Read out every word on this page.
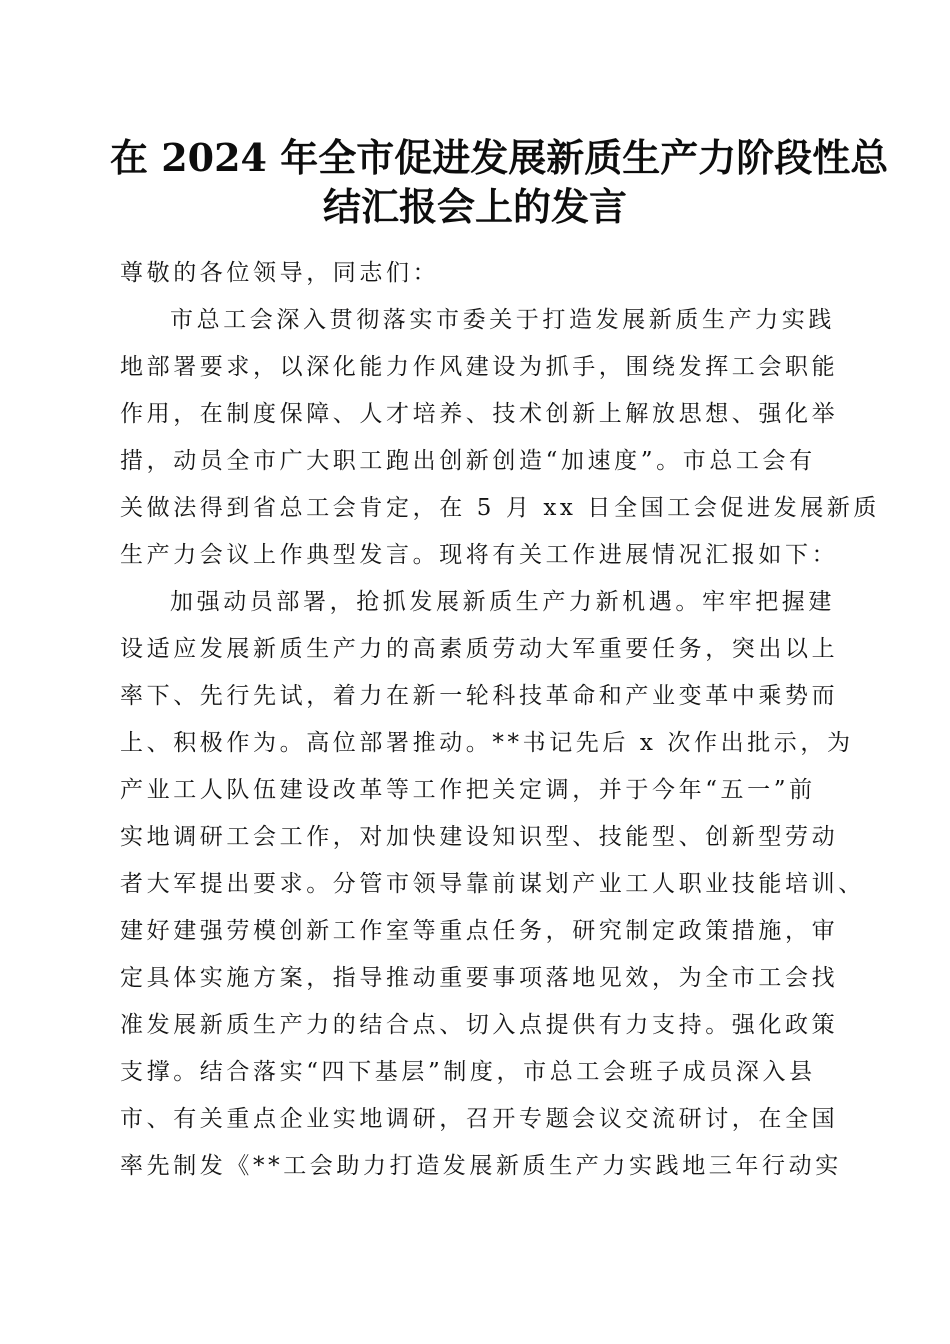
在 2024 年全市促进发展新质生产力阶段性总
结汇报会上的发言
尊敬的各位领导，同志们：
市总工会深入贯彻落实市委关于打造发展新质生产力实践
地部署要求，以深化能力作风建设为抓手，围绕发挥工会职能
作用，在制度保障、人才培养、技术创新上解放思想、强化举
措，动员全市广大职工跑出创新创造“加速度”。市总工会有
关做法得到省总工会肯定，在 5 月 xx 日全国工会促进发展新质
生产力会议上作典型发言。现将有关工作进展情况汇报如下：
加强动员部署，抢抓发展新质生产力新机遇。牢牢把握建
设适应发展新质生产力的高素质劳动大军重要任务，突出以上
率下、先行先试，着力在新一轮科技革命和产业变革中乘势而
上、积极作为。高位部署推动。**书记先后 x 次作出批示，为
产业工人队伍建设改革等工作把关定调，并于今年“五一”前
实地调研工会工作，对加快建设知识型、技能型、创新型劳动
者大军提出要求。分管市领导靠前谋划产业工人职业技能培训、
建好建强劳模创新工作室等重点任务，研究制定政策措施，审
定具体实施方案，指导推动重要事项落地见效，为全市工会找
准发展新质生产力的结合点、切入点提供有力支持。强化政策
支撑。结合落实“四下基层”制度，市总工会班子成员深入县
市、有关重点企业实地调研，召开专题会议交流研讨，在全国
率先制发《**工会助力打造发展新质生产力实践地三年行动实
